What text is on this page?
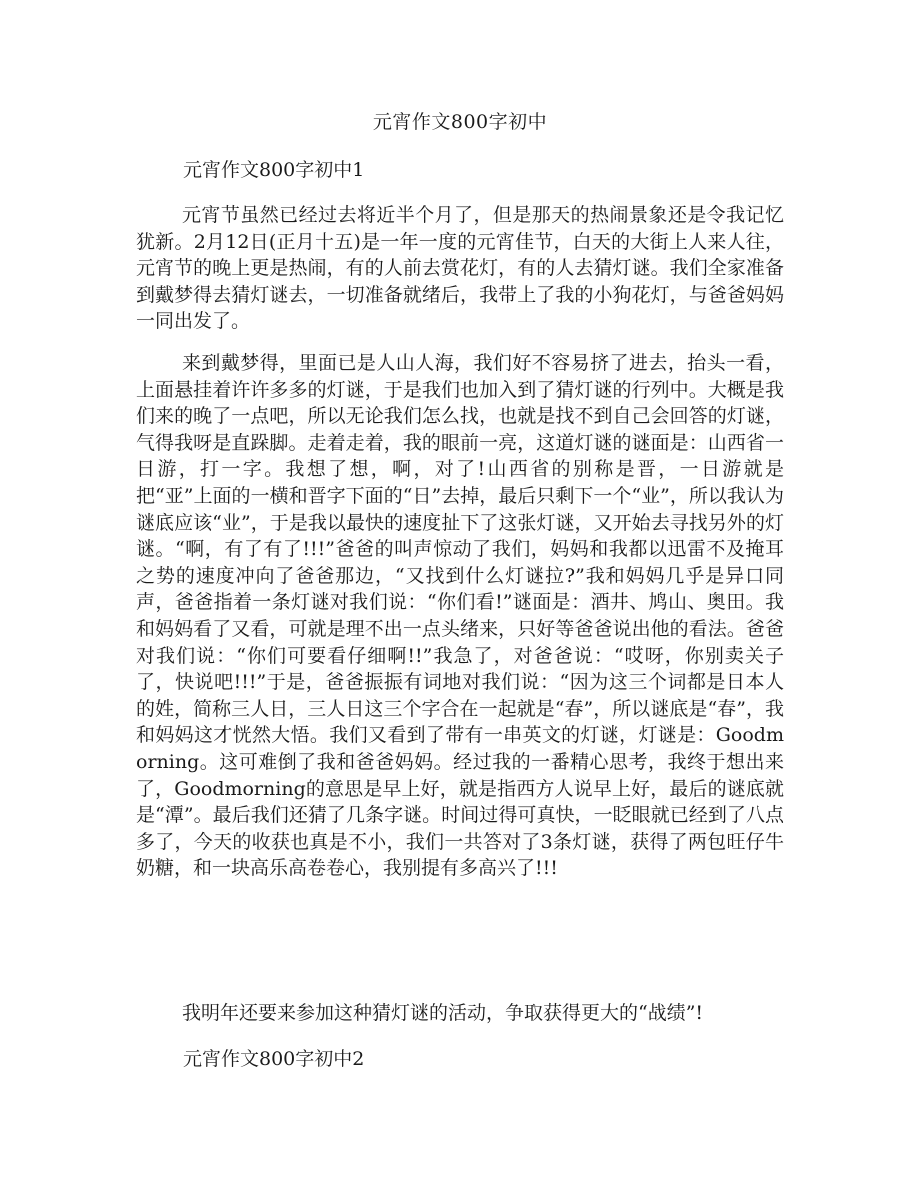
元宵作文800字初中
元宵作文800字初中1

元宵节虽然已经过去将近半个月了，但是那天的热闹景象还是令我记忆犹新。2月12日(正月十五)是一年一度的元宵佳节，白天的大街上人来人往，元宵节的晚上更是热闹，有的人前去赏花灯，有的人去猜灯谜。我们全家准备到戴梦得去猜灯谜去，一切准备就绪后，我带上了我的小狗花灯，与爸爸妈妈一同出发了。

来到戴梦得，里面已是人山人海，我们好不容易挤了进去，抬头一看，上面悬挂着许许多多的灯谜，于是我们也加入到了猜灯谜的行列中。大概是我们来的晚了一点吧，所以无论我们怎么找，也就是找不到自己会回答的灯谜，气得我呀是直跺脚。走着走着，我的眼前一亮，这道灯谜的谜面是：山西省一日游，打一字。我想了想，啊，对了!山西省的别称是晋，一日游就是把“亚”上面的一横和晋字下面的“日”去掉，最后只剩下一个“业”，所以我认为谜底应该“业”，于是我以最快的速度扯下了这张灯谜，又开始去寻找另外的灯谜。“啊，有了有了!!!”爸爸的叫声惊动了我们，妈妈和我都以迅雷不及掩耳之势的速度冲向了爸爸那边，“又找到什么灯谜拉?”我和妈妈几乎是异口同声，爸爸指着一条灯谜对我们说：“你们看!”谜面是：酒井、鸠山、奥田。我和妈妈看了又看，可就是理不出一点头绪来，只好等爸爸说出他的看法。爸爸对我们说：“你们可要看仔细啊!!”我急了，对爸爸说：“哎呀，你别卖关子了，快说吧!!!”于是，爸爸振振有词地对我们说：“因为这三个词都是日本人的姓，简称三人日，三人日这三个字合在一起就是“春”，所以谜底是“春”，我和妈妈这才恍然大悟。我们又看到了带有一串英文的灯谜，灯谜是：Goodmorning。这可难倒了我和爸爸妈妈。经过我的一番精心思考，我终于想出来了，Goodmorning的意思是早上好，就是指西方人说早上好，最后的谜底就是“潭”。最后我们还猜了几条字谜。时间过得可真快，一眨眼就已经到了八点多了，今天的收获也真是不小，我们一共答对了3条灯谜，获得了两包旺仔牛奶糖，和一块高乐高卷卷心，我别提有多高兴了!!!

我明年还要来参加这种猜灯谜的活动，争取获得更大的“战绩”!

元宵作文800字初中2
